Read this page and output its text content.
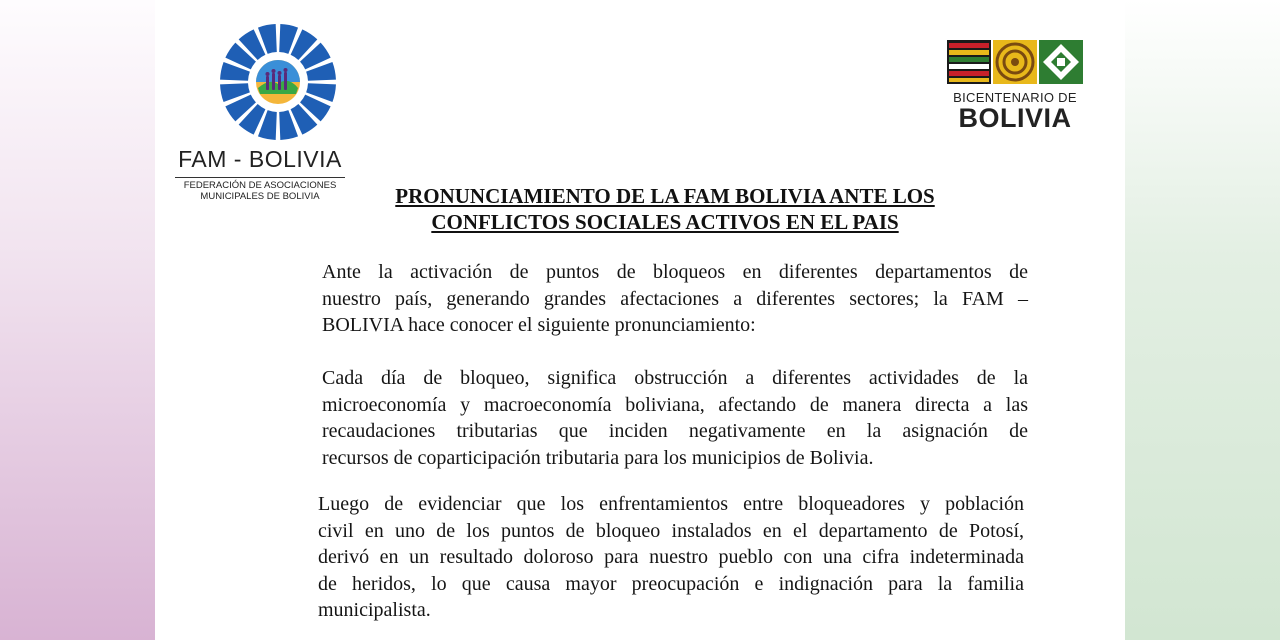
FAM - BOLIVIA
FEDERACIÓN DE ASOCIACIONES
MUNICIPALES DE BOLIVIA
BICENTENARIO DE
BOLIVIA
PRONUNCIAMIENTO DE LA FAM BOLIVIA ANTE LOS
CONFLICTOS SOCIALES ACTIVOS EN EL PAIS
Ante la activación de puntos de bloqueos en diferentes departamentos de
nuestro país, generando grandes afectaciones a diferentes sectores; la FAM –
BOLIVIA hace conocer el siguiente pronunciamiento:
Cada día de bloqueo, significa obstrucción a diferentes actividades de la
microeconomía y macroeconomía boliviana, afectando de manera directa a las
recaudaciones tributarias que inciden negativamente en la asignación de
recursos de coparticipación tributaria para los municipios de Bolivia.
Luego de evidenciar que los enfrentamientos entre bloqueadores y población
civil en uno de los puntos de bloqueo instalados en el departamento de Potosí,
derivó en un resultado doloroso para nuestro pueblo con una cifra indeterminada
de heridos, lo que causa mayor preocupación e indignación para la familia
municipalista.
